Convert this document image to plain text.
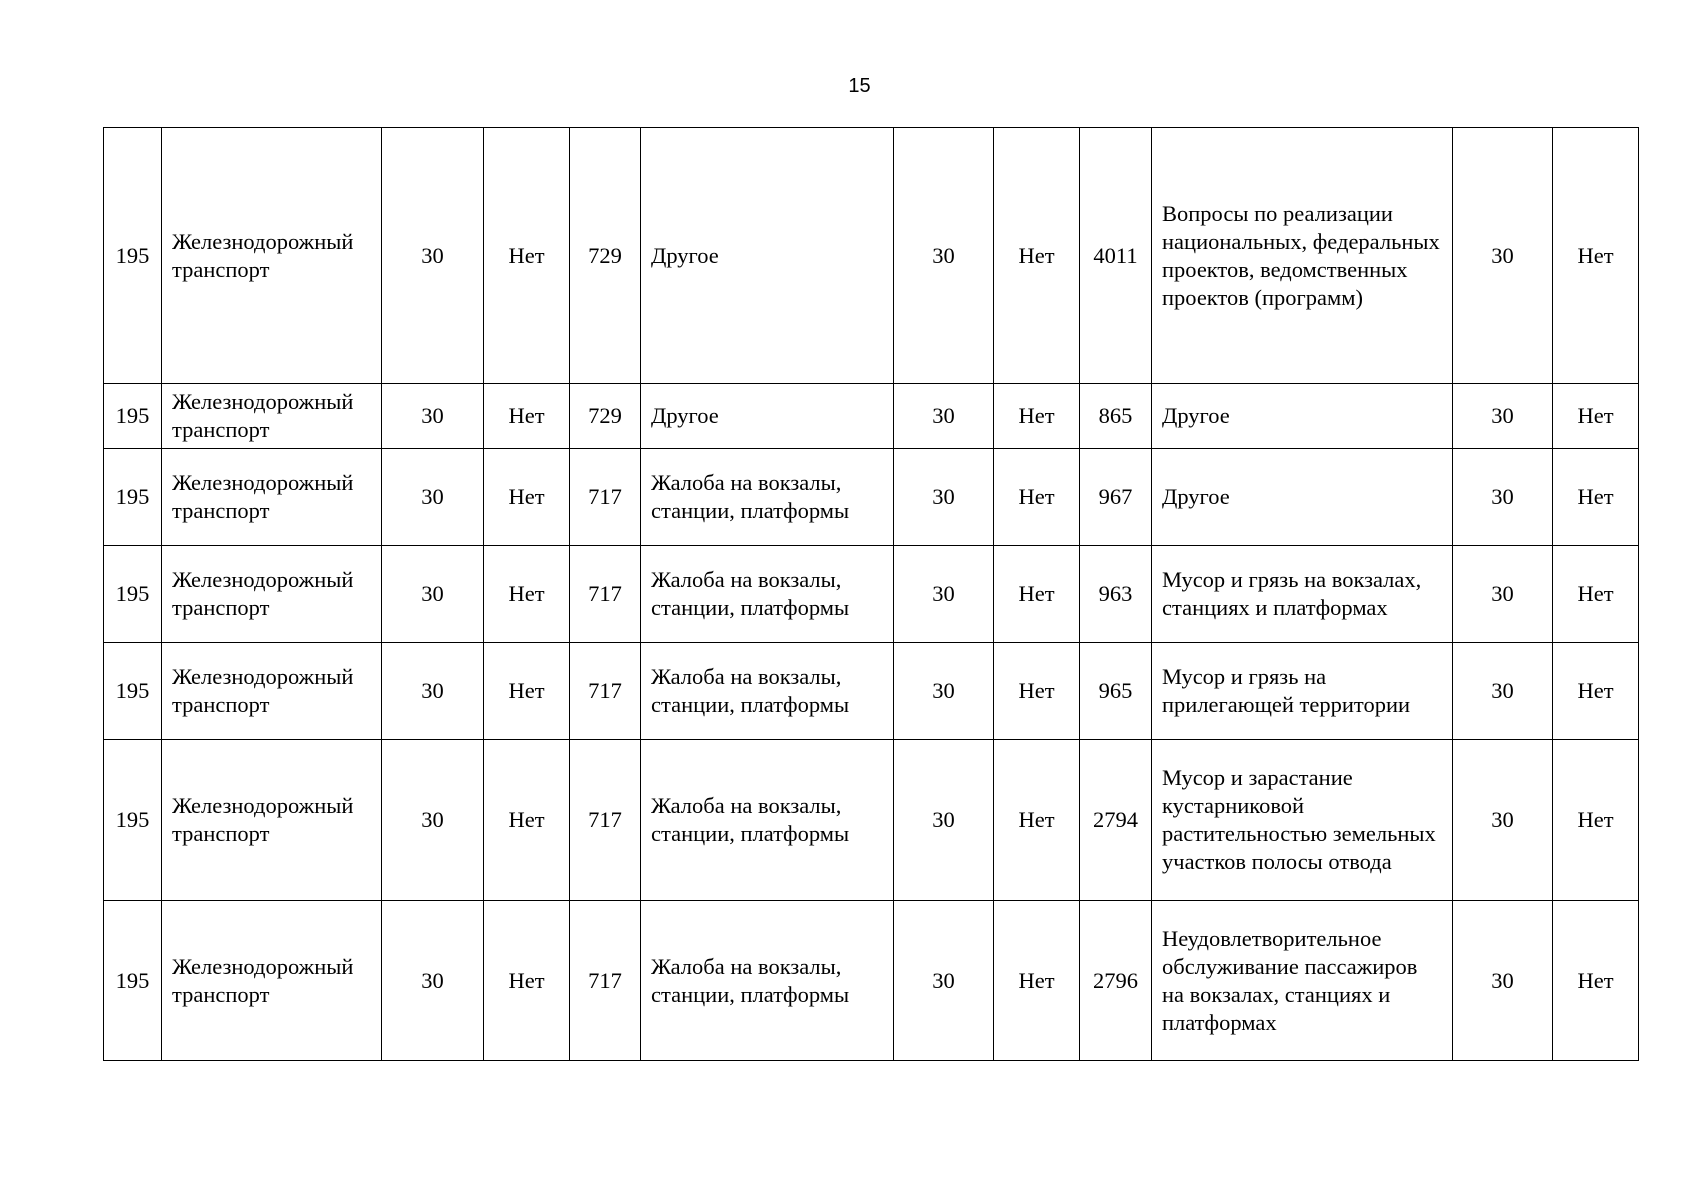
15
195	Железнодорожный транспорт	30	Нет	729	Другое	30	Нет	4011	Вопросы по реализации национальных, федеральных проектов, ведомственных проектов (программ)	30	Нет
195	Железнодорожный транспорт	30	Нет	729	Другое	30	Нет	865	Другое	30	Нет
195	Железнодорожный транспорт	30	Нет	717	Жалоба на вокзалы, станции, платформы	30	Нет	967	Другое	30	Нет
195	Железнодорожный транспорт	30	Нет	717	Жалоба на вокзалы, станции, платформы	30	Нет	963	Мусор и грязь на вокзалах, станциях и платформах	30	Нет
195	Железнодорожный транспорт	30	Нет	717	Жалоба на вокзалы, станции, платформы	30	Нет	965	Мусор и грязь на прилегающей территории	30	Нет
195	Железнодорожный транспорт	30	Нет	717	Жалоба на вокзалы, станции, платформы	30	Нет	2794	Мусор и зарастание кустарниковой растительностью земельных участков полосы отвода	30	Нет
195	Железнодорожный транспорт	30	Нет	717	Жалоба на вокзалы, станции, платформы	30	Нет	2796	Неудовлетворительное обслуживание пассажиров на вокзалах, станциях и платформах	30	Нет
